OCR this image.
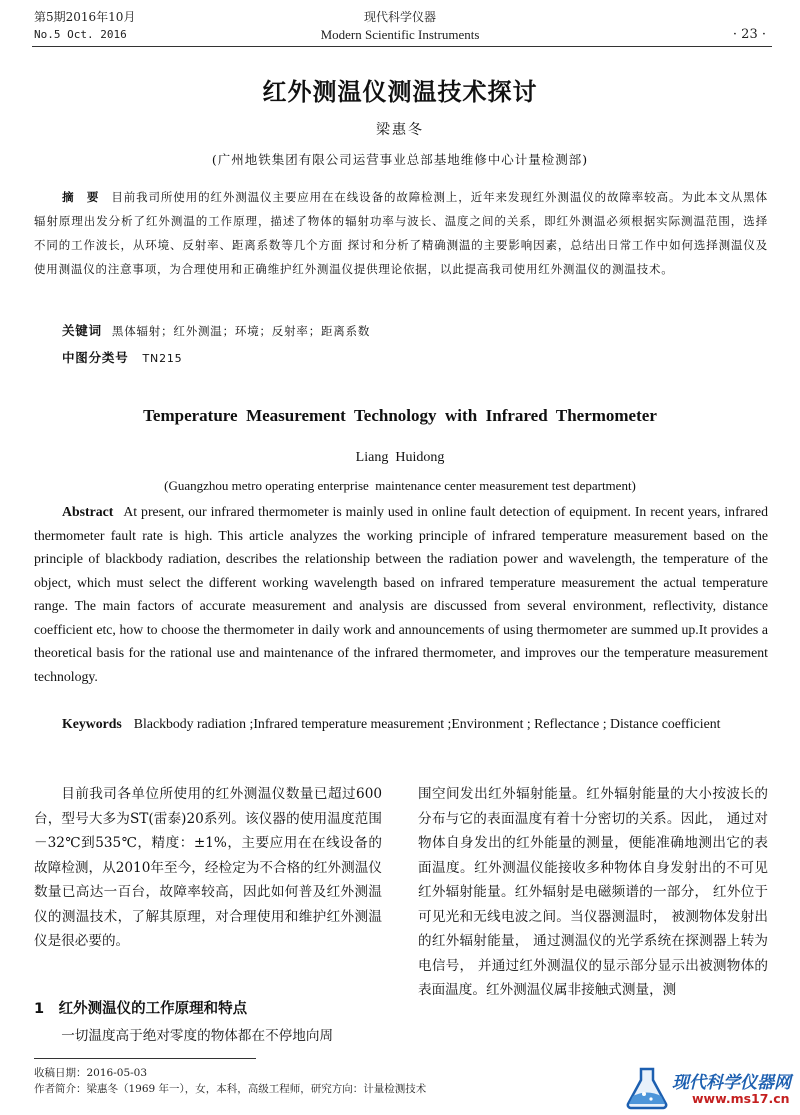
第5期2016年10月
No.5 Oct. 2016
现代科学仪器
Modern Scientific Instruments	· 23 ·
红外测温仪测温技术探讨
梁惠冬
(广州地铁集团有限公司运营事业总部基地维修中心计量检测部)
摘　要 目前我司所使用的红外测温仪主要应用在在线设备的故障检测上，近年来发现红外测温仪的故障率较高。为此本文从黑体辐射原理出发分析了红外测温的工作原理，描述了物体的辐射功率与波长、温度之间的关系，即红外测温必须根据实际测温范围，选择不同的工作波长，从环境、反射率、距离系数等几个方面 探讨和分析了精确测温的主要影响因素，总结出日常工作中如何选择测温仪及使用测温仪的注意事项，为合理使用和正确维护红外测温仪提供理论依据，以此提高我司使用红外测温仪的测温技术。
关键词 黑体辐射；红外测温；环境；反射率；距离系数
中图分类号 TN215
Temperature  Measurement  Technology  with  Infrared  Thermometer
Liang  Huidong
(Guangzhou metro operating enterprise  maintenance center measurement test department)
Abstract At present, our infrared thermometer is mainly used in online fault detection of equipment. In recent years, infrared thermometer fault rate is high. This article analyzes the working principle of infrared temperature measurement based on the principle of blackbody radiation, describes the relationship between the radiation power and wavelength, the temperature of the object, which must select the different working wavelength based on infrared temperature measurement the actual temperature range. The main factors of accurate measurement and analysis are discussed from several environment, reflectivity, distance coefficient etc, how to choose the thermometer in daily work and announcements of using thermometer are summed up.It provides a theoretical basis for the rational use and maintenance of the infrared thermometer, and improves our the temperature measurement technology.
Keywords Blackbody radiation ;Infrared temperature measurement ;Environment ; Reflectance ; Distance coefficient

目前我司各单位所使用的红外测温仪数量已超过600台，型号大多为ST(雷泰)20系列。该仪器的使用温度范围－32℃到535℃，精度：±1%，主要应用在在线设备的故障检测，从2010年至今，经检定为不合格的红外测温仪数量已高达一百台，故障率较高，因此如何普及红外测温仪的测温技术，了解其原理，对合理使用和维护红外测温仪是很必要的。

1　红外测温仪的工作原理和特点

一切温度高于绝对零度的物体都在不停地向周

围空间发出红外辐射能量。红外辐射能量的大小按波长的分布与它的表面温度有着十分密切的关系。因此， 通过对物体自身发出的红外能量的测量，便能准确地测出它的表面温度。红外测温仪能接收多种物体自身发射出的不可见红外辐射能量。红外辐射是电磁频谱的一部分， 红外位于可见光和无线电波之间。当仪器测温时， 被测物体发射出的红外辐射能量， 通过测温仪的光学系统在探测器上转为电信号， 并通过红外测温仪的显示部分显示出被测物体的表面温度。红外测温仪属非接触式测量，测

收稿日期：2016-05-03
作者简介：梁惠冬（1969 年一），女，本科，高级工程师，研究方向：计量检测技术	现代科学仪器网
www.ms17.cn
